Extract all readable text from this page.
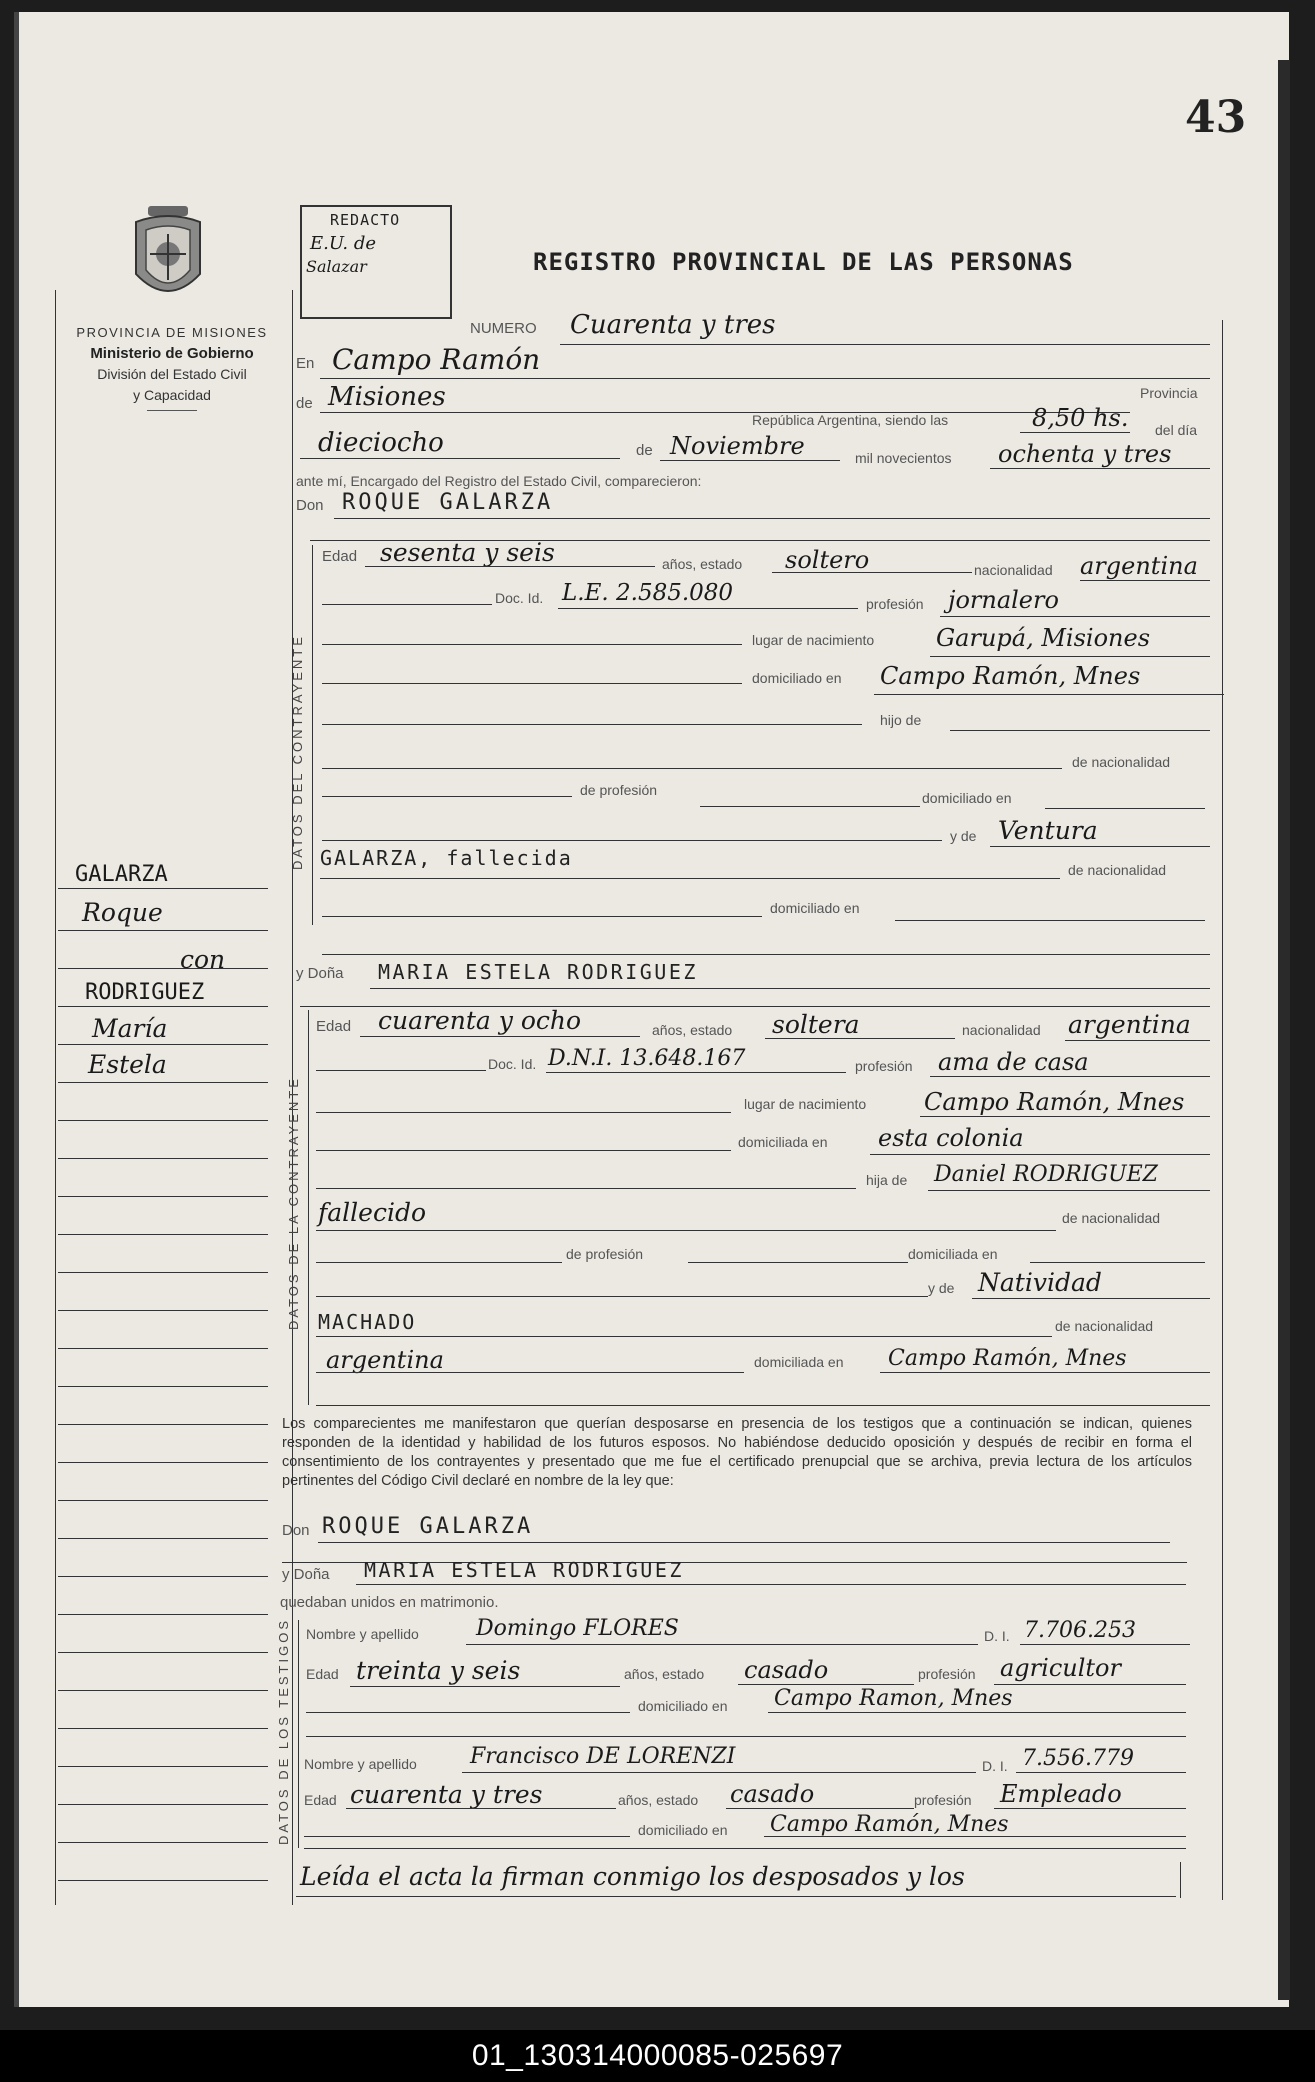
43
PROVINCIA DE MISIONES
Ministerio de Gobierno
División del Estado Civil
y Capacidad
REDACTO
E.U. de
Salazar	REGISTRO PROVINCIAL DE LAS PERSONAS
GALARZA
Roque
con
RODRIGUEZ
María
Estela
NUMERO Cuarenta y tres
En Campo Ramón
de Misiones	Provincia
República Argentina, siendo las	8,50 hs. del día
dieciocho	de Noviembre	mil novecientos ochenta y tres
ante mí, Encargado del Registro del Estado Civil, comparecieron:
Don ROQUE GALARZA
DATOS DEL CONTRAYENTE
Edad sesenta y seis	años, estado soltero	nacionalidad argentina
Doc. Id. L.E. 2.585.080	profesión jornalero
lugar de nacimiento	Garupá, Misiones
domiciliado en Campo Ramón, Mnes
hijo de
de nacionalidad
de profesión	domiciliado en
y de Ventura
GALARZA, fallecida	de nacionalidad
domiciliado en
y Doña MARIA ESTELA RODRIGUEZ
DATOS DE LA CONTRAYENTE
Edad cuarenta y ocho	años, estado soltera	nacionalidad argentina
Doc. Id. D.N.I. 13.648.167	profesión ama de casa
lugar de nacimiento Campo Ramón, Mnes
domiciliada en esta colonia
hija de Daniel RODRIGUEZ
fallecido	de nacionalidad
de profesión	domiciliada en
y de Natividad
MACHADO	de nacionalidad
argentina	domiciliada en Campo Ramón, Mnes
Los comparecientes me manifestaron que querían desposarse en presencia de los testigos que a continuación se indican, quienes responden de la identidad y habilidad de los futuros esposos. No habiéndose deducido oposición y después de recibir en forma el consentimiento de los contrayentes y presentado que me fue el certificado prenupcial que se archiva, previa lectura de los artículos pertinentes del Código Civil declaré en nombre de la ley que:
Don ROQUE GALARZA
y Doña MARIA ESTELA RODRIGUEZ
quedaban unidos en matrimonio.
DATOS DE LOS TESTIGOS Nombre y apellido	Domingo FLORES	D. I. 7.706.253
Edad treinta y seis	años, estado casado	profesión agricultor
domiciliado en Campo Ramon, Mnes
Nombre y apellido Francisco DE LORENZI	D. I. 7.556.779
Edad cuarenta y tres	años, estado casado	profesión Empleado
domiciliado en Campo Ramón, Mnes
Leída el acta la firman conmigo los desposados y los
01_130314000085-025697
